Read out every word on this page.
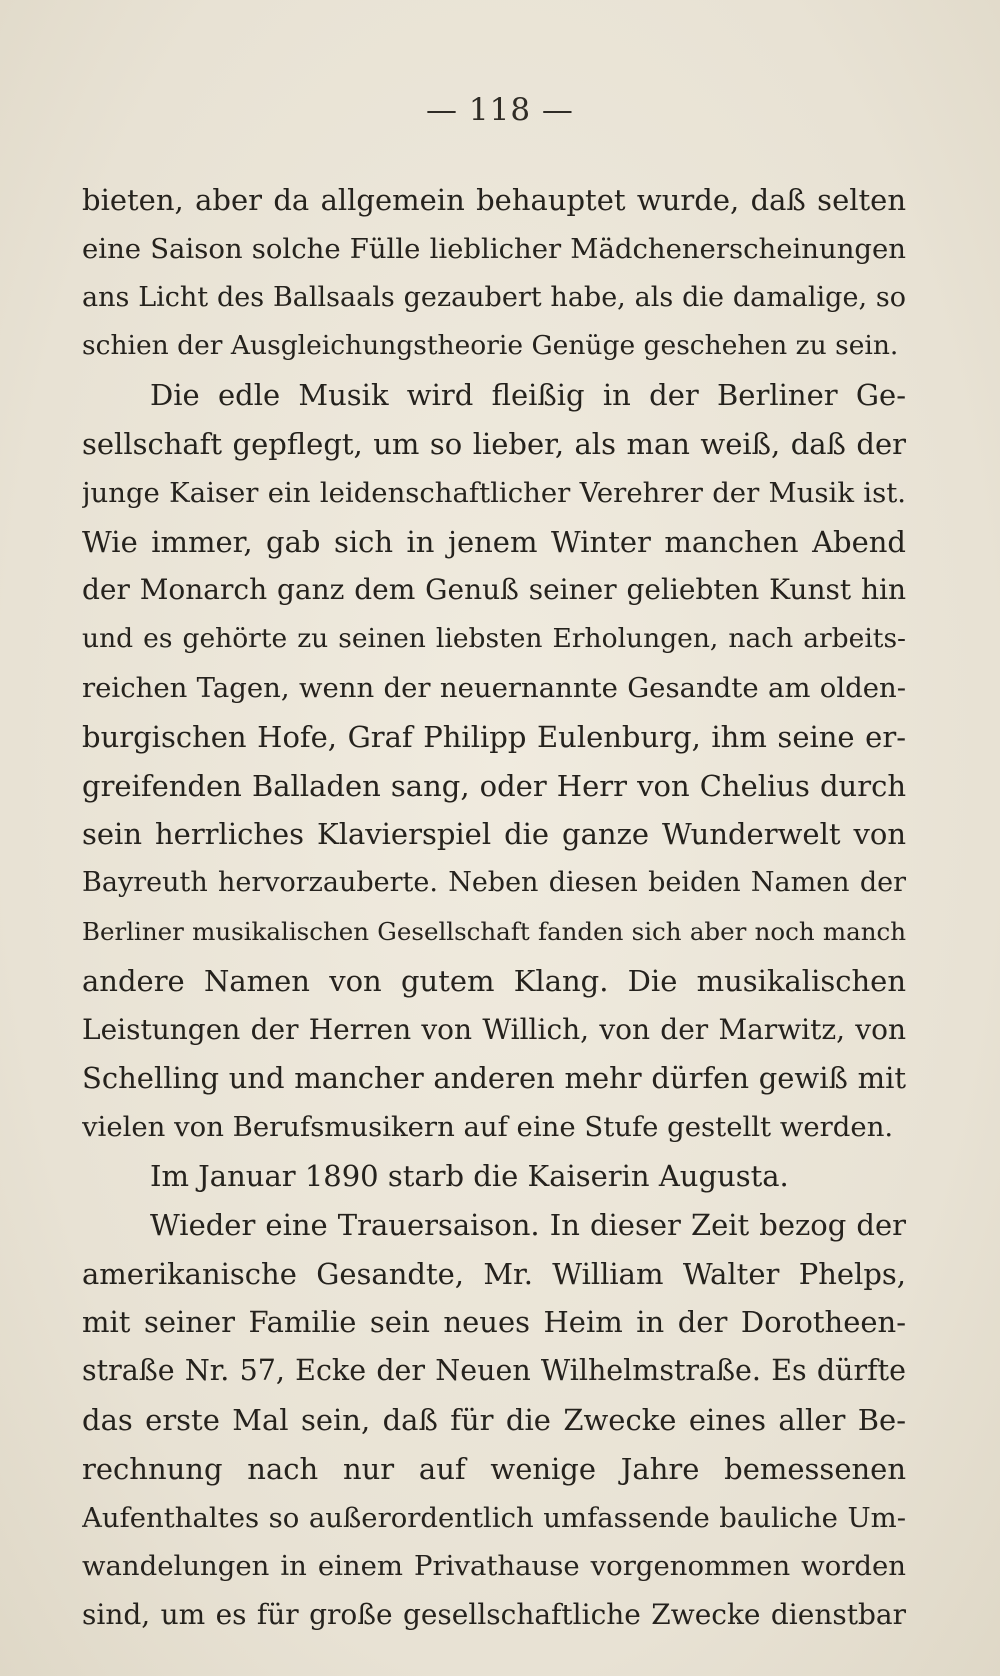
— 118 —
bieten, aber da allgemein behauptet wurde, daß selten
eine Saison solche Fülle lieblicher Mädchenerscheinungen
ans Licht des Ballsaals gezaubert habe, als die damalige, so
schien der Ausgleichungstheorie Genüge geschehen zu sein.
Die edle Musik wird fleißig in der Berliner Ge-
sellschaft gepflegt, um so lieber, als man weiß, daß der
junge Kaiser ein leidenschaftlicher Verehrer der Musik ist.
Wie immer, gab sich in jenem Winter manchen Abend
der Monarch ganz dem Genuß seiner geliebten Kunst hin
und es gehörte zu seinen liebsten Erholungen, nach arbeits-
reichen Tagen, wenn der neuernannte Gesandte am olden-
burgischen Hofe, Graf Philipp Eulenburg, ihm seine er-
greifenden Balladen sang, oder Herr von Chelius durch
sein herrliches Klavierspiel die ganze Wunderwelt von
Bayreuth hervorzauberte. Neben diesen beiden Namen der
Berliner musikalischen Gesellschaft fanden sich aber noch manch
andere Namen von gutem Klang. Die musikalischen
Leistungen der Herren von Willich, von der Marwitz, von
Schelling und mancher anderen mehr dürfen gewiß mit
vielen von Berufsmusikern auf eine Stufe gestellt werden.
Im Januar 1890 starb die Kaiserin Augusta.
Wieder eine Trauersaison. In dieser Zeit bezog der
amerikanische Gesandte, Mr. William Walter Phelps,
mit seiner Familie sein neues Heim in der Dorotheen-
straße Nr. 57, Ecke der Neuen Wilhelmstraße. Es dürfte
das erste Mal sein, daß für die Zwecke eines aller Be-
rechnung nach nur auf wenige Jahre bemessenen
Aufenthaltes so außerordentlich umfassende bauliche Um-
wandelungen in einem Privathause vorgenommen worden
sind, um es für große gesellschaftliche Zwecke dienstbar
